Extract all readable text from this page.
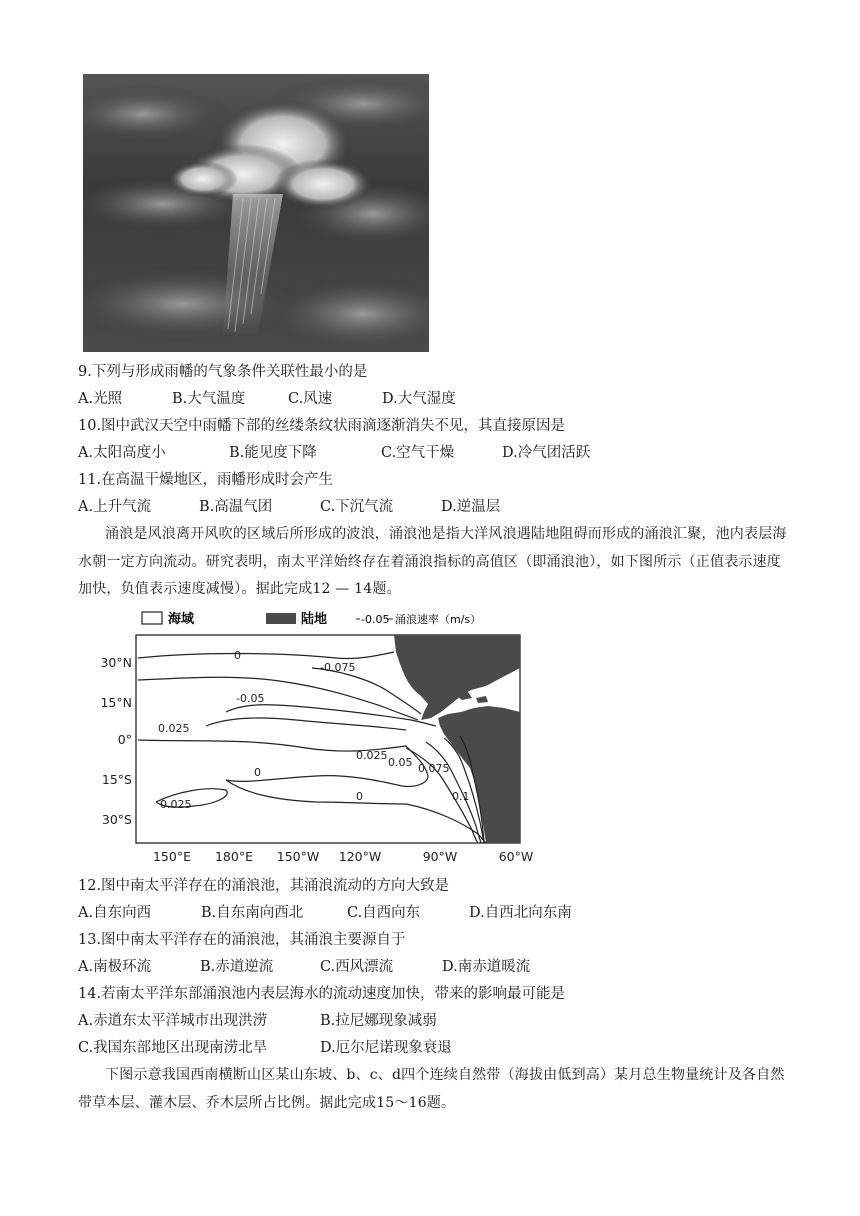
9.下列与形成雨幡的气象条件关联性最小的是
A.光照	B.大气温度	C.风速	D.大气湿度
10.图中武汉天空中雨幡下部的丝缕条纹状雨滴逐渐消失不见，其直接原因是
A.太阳高度小	B.能见度下降	C.空气干燥	D.冷气团活跃
11.在高温干燥地区，雨幡形成时会产生
A.上升气流	B.高温气团	C.下沉气流	D.逆温层
涌浪是风浪离开风吹的区域后所形成的波浪，涌浪池是指大洋风浪遇陆地阻碍而形成的涌浪汇聚，池内表层海水朝一定方向流动。研究表明，南太平洋始终存在着涌浪指标的高值区（即涌浪池），如下图所示（正值表示速度加快，负值表示速度减慢）。据此完成12 — 14题。
海域	陆地	-0.05 涌浪速率（m/s）
0
-0.075
-0.05
0.025
0.025
0.05 0.075
0
0.1
0.025
0
30°N
15°N
0°
15°S
30°S
150°E 180°E 150°W 120°W	90°W	60°W
12.图中南太平洋存在的涌浪池，其涌浪流动的方向大致是
A.自东向西	B.自东南向西北	C.自西向东	D.自西北向东南
13.图中南太平洋存在的涌浪池，其涌浪主要源自于
A.南极环流	B.赤道逆流	C.西风漂流	D.南赤道暖流
14.若南太平洋东部涌浪池内表层海水的流动速度加快，带来的影响最可能是
A.赤道东太平洋城市出现洪涝	B.拉尼娜现象减弱
C.我国东部地区出现南涝北旱	D.厄尔尼诺现象衰退
下图示意我国西南横断山区某山东坡、b、c、d四个连续自然带（海拔由低到高）某月总生物量统计及各自然带草本层、灌木层、乔木层所占比例。据此完成15～16题。
